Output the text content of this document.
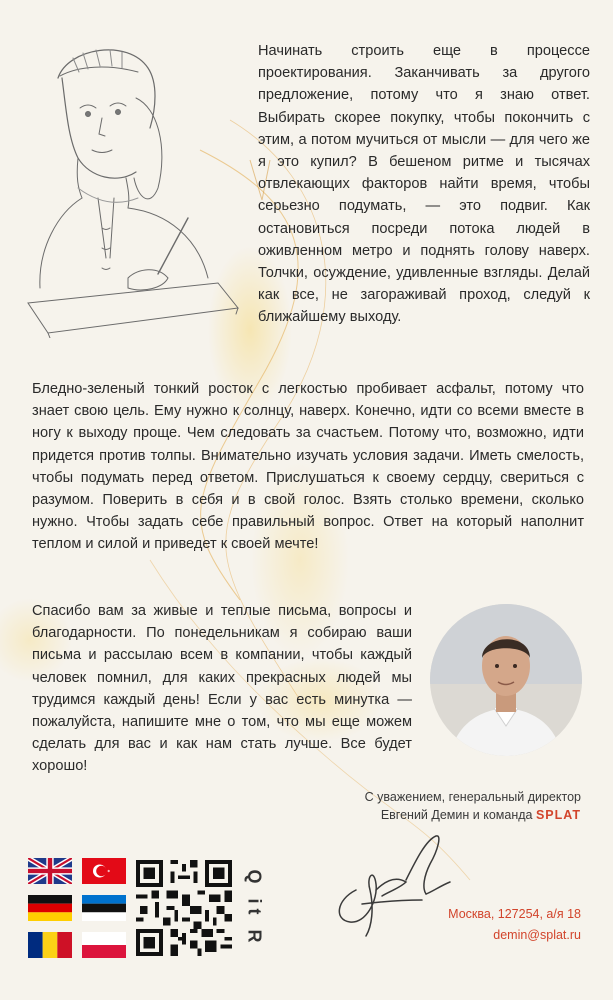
Начинать строить еще в процессе проектирования. Заканчивать за другого предложение, потому что я знаю ответ. Выбирать скорее покупку, чтобы покончить с этим, а потом мучиться от мысли — для чего же я это купил? В бешеном ритме и тысячах отвлекающих факторов найти время, чтобы серьезно подумать, — это подвиг. Как остановиться посреди потока людей в оживленном метро и поднять голову наверх. Толчки, осуждение, удивленные взгляды. Делай как все, не загораживай проход, следуй к ближайшему выходу.

Бледно-зеленый тонкий росток с легкостью пробивает асфальт, потому что знает свою цель. Ему нужно к солнцу, наверх. Конечно, идти со всеми вместе в ногу к выходу проще. Чем следовать за счастьем. Потому что, возможно, идти придется против толпы. Внимательно изучать условия задачи. Иметь смелость, чтобы подумать перед ответом. Прислушаться к своему сердцу, свериться с разумом. Поверить в себя и в свой голос. Взять столько времени, сколько нужно. Чтобы задать себе правильный вопрос. Ответ на который наполнит теплом и силой и приведет к своей мечте!

Спасибо вам за живые и теплые письма, вопросы и благодарности. По понедельникам я собираю ваши письма и рассылаю всем в компании, чтобы каждый человек помнил, для каких прекрасных людей мы трудимся каждый день! Если у вас есть минутка — пожалуйста, напишите мне о том, что мы еще можем сделать для вас и как нам стать лучше. Все будет хорошо!

С уважением, генеральный директор
Евгений Демин и команда SPLAT
Q it R	Москва, 127254, а/я 18
demin@splat.ru
